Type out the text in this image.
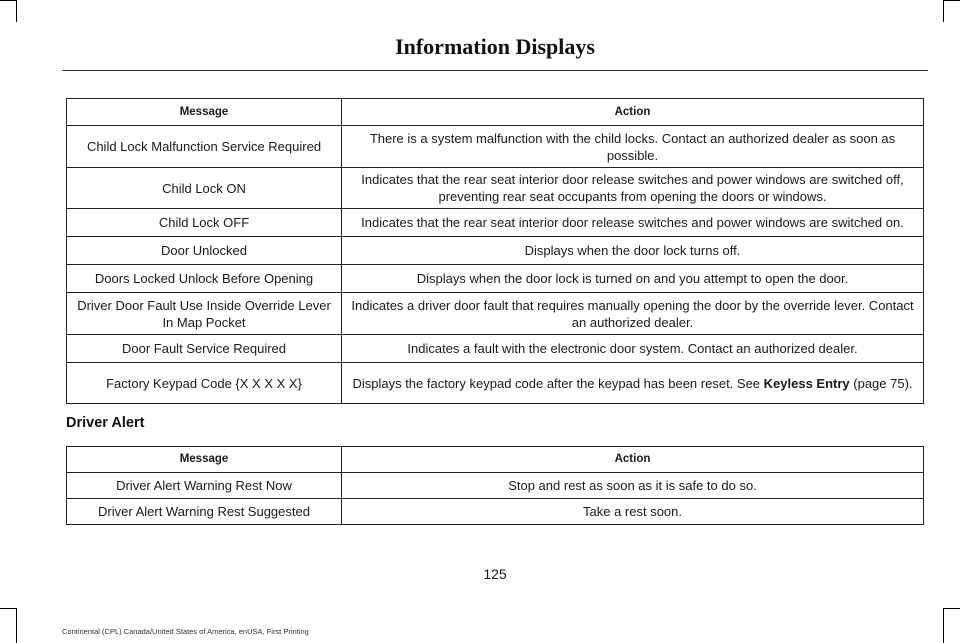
Information Displays
Message	Action
Child Lock Malfunction Service Required	There is a system malfunction with the child locks. Contact an authorized dealer as soon as possible.
Child Lock ON	Indicates that the rear seat interior door release switches and power windows are switched off, preventing rear seat occupants from opening the doors or windows.
Child Lock OFF	Indicates that the rear seat interior door release switches and power windows are switched on.
Door Unlocked	Displays when the door lock turns off.
Doors Locked Unlock Before Opening	Displays when the door lock is turned on and you attempt to open the door.
Driver Door Fault Use Inside Override Lever In Map Pocket	Indicates a driver door fault that requires manually opening the door by the override lever. Contact an authorized dealer.
Door Fault Service Required	Indicates a fault with the electronic door system. Contact an authorized dealer.
Factory Keypad Code {X X X X X}	Displays the factory keypad code after the keypad has been reset. See Keyless Entry (page 75).
Driver Alert
Message	Action
Driver Alert Warning Rest Now	Stop and rest as soon as it is safe to do so.
Driver Alert Warning Rest Suggested	Take a rest soon.
125
Continental (CPL) Canada/United States of America, enUSA, First Printing
